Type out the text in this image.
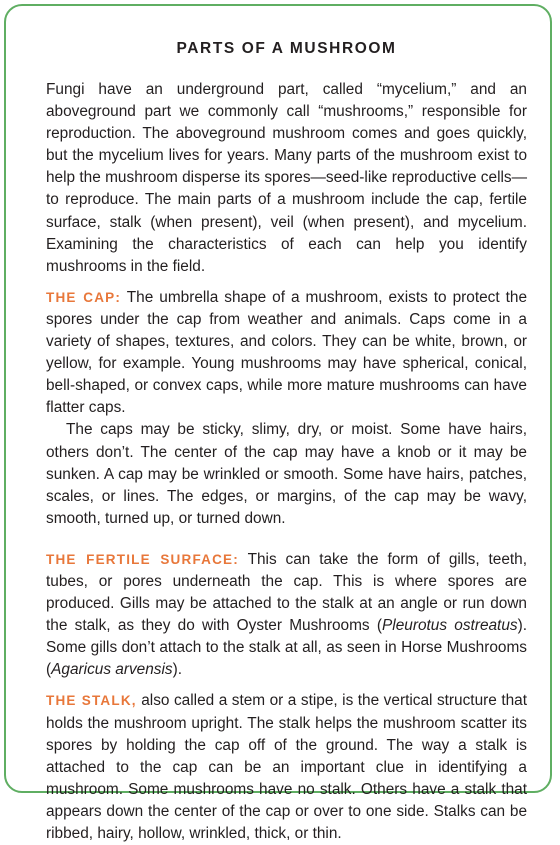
PARTS OF A MUSHROOM

Fungi have an underground part, called “mycelium,” and an aboveground part we commonly call “mushrooms,” responsible for reproduction. The aboveground mushroom comes and goes quickly, but the mycelium lives for years. Many parts of the mushroom exist to help the mushroom disperse its spores—seed-like reproductive cells—to reproduce. The main parts of a mushroom include the cap, fertile surface, stalk (when present), veil (when present), and mycelium. Examining the characteristics of each can help you identify mushrooms in the field.

THE CAP: The umbrella shape of a mushroom, exists to protect the spores under the cap from weather and animals. Caps come in a variety of shapes, textures, and colors. They can be white, brown, or yellow, for example. Young mushrooms may have spherical, conical, bell-shaped, or convex caps, while more mature mushrooms can have flatter caps.

The caps may be sticky, slimy, dry, or moist. Some have hairs, others don’t. The center of the cap may have a knob or it may be sunken. A cap may be wrinkled or smooth. Some have hairs, patches, scales, or lines. The edges, or margins, of the cap may be wavy, smooth, turned up, or turned down.

THE FERTILE SURFACE: This can take the form of gills, teeth, tubes, or pores underneath the cap. This is where spores are produced. Gills may be attached to the stalk at an angle or run down the stalk, as they do with Oyster Mushrooms (Pleurotus ostreatus). Some gills don’t attach to the stalk at all, as seen in Horse Mushrooms (Agaricus arvensis).

THE STALK, also called a stem or a stipe, is the vertical structure that holds the mushroom upright. The stalk helps the mushroom scatter its spores by holding the cap off of the ground. The way a stalk is attached to the cap can be an important clue in identifying a mushroom. Some mushrooms have no stalk. Others have a stalk that appears down the center of the cap or over to one side. Stalks can be ribbed, hairy, hollow, wrinkled, thick, or thin.
